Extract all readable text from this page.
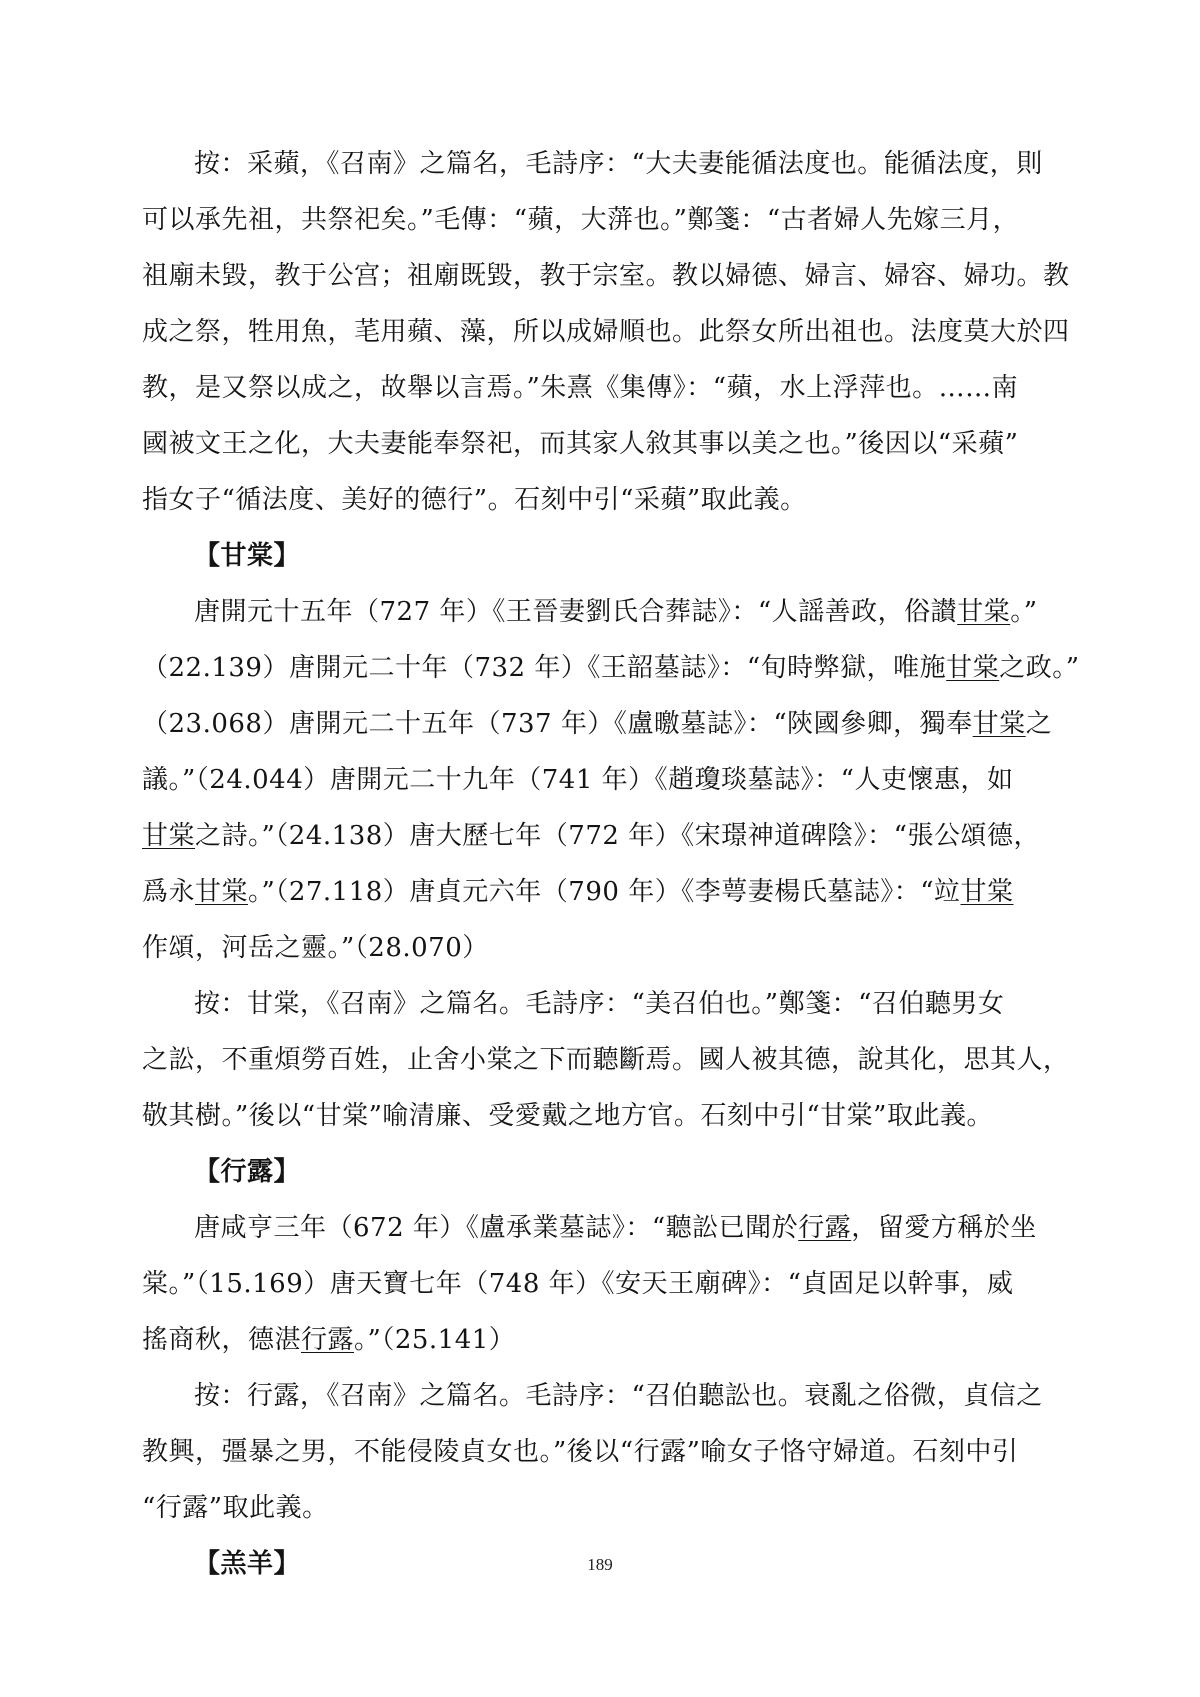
按：采蘋，《召南》之篇名，毛詩序：“大夫妻能循法度也。能循法度，則
可以承先祖，共祭祀矣。”毛傳：“蘋，大蓱也。”鄭箋：“古者婦人先嫁三月，
祖廟未毀，教于公宫；祖廟既毀，教于宗室。教以婦德、婦言、婦容、婦功。教
成之祭，牲用魚，芼用蘋、藻，所以成婦順也。此祭女所出祖也。法度莫大於四
教，是又祭以成之，故舉以言焉。”朱熹《集傳》：“蘋，水上浮萍也。……南
國被文王之化，大夫妻能奉祭祀，而其家人敘其事以美之也。”後因以“采蘋”
指女子“循法度、美好的德行”。石刻中引“采蘋”取此義。
【甘棠】
唐開元十五年（727 年）《王晉妻劉氏合葬誌》：“人謡善政，俗讃甘棠。”
（22.139）唐開元二十年（732 年）《王韶墓誌》：“旬時弊獄，唯施甘棠之政。”
（23.068）唐開元二十五年（737 年）《盧曒墓誌》：“陝國參卿，獨奉甘棠之
議。”（24.044）唐開元二十九年（741 年）《趙瓊琰墓誌》：“人吏懷惠，如
甘棠之詩。”（24.138）唐大歷七年（772 年）《宋璟神道碑陰》：“張公頌德，
爲永甘棠。”（27.118）唐貞元六年（790 年）《李萼妻楊氏墓誌》：“竝甘棠
作頌，河岳之靈。”（28.070）
按：甘棠，《召南》之篇名。毛詩序：“美召伯也。”鄭箋：“召伯聽男女
之訟，不重煩勞百姓，止舍小棠之下而聽斷焉。國人被其德，說其化，思其人，
敬其樹。”後以“甘棠”喻清廉、受愛戴之地方官。石刻中引“甘棠”取此義。
【行露】
唐咸亨三年（672 年）《盧承業墓誌》：“聽訟已聞於行露，留愛方稱於坐
棠。”（15.169）唐天寶七年（748 年）《安天王廟碑》：“貞固足以幹事，威
搖商秋，德湛行露。”（25.141）
按：行露，《召南》之篇名。毛詩序：“召伯聽訟也。衰亂之俗微，貞信之
教興，彊暴之男，不能侵陵貞女也。”後以“行露”喻女子恪守婦道。石刻中引
“行露”取此義。
【羔羊】	189
